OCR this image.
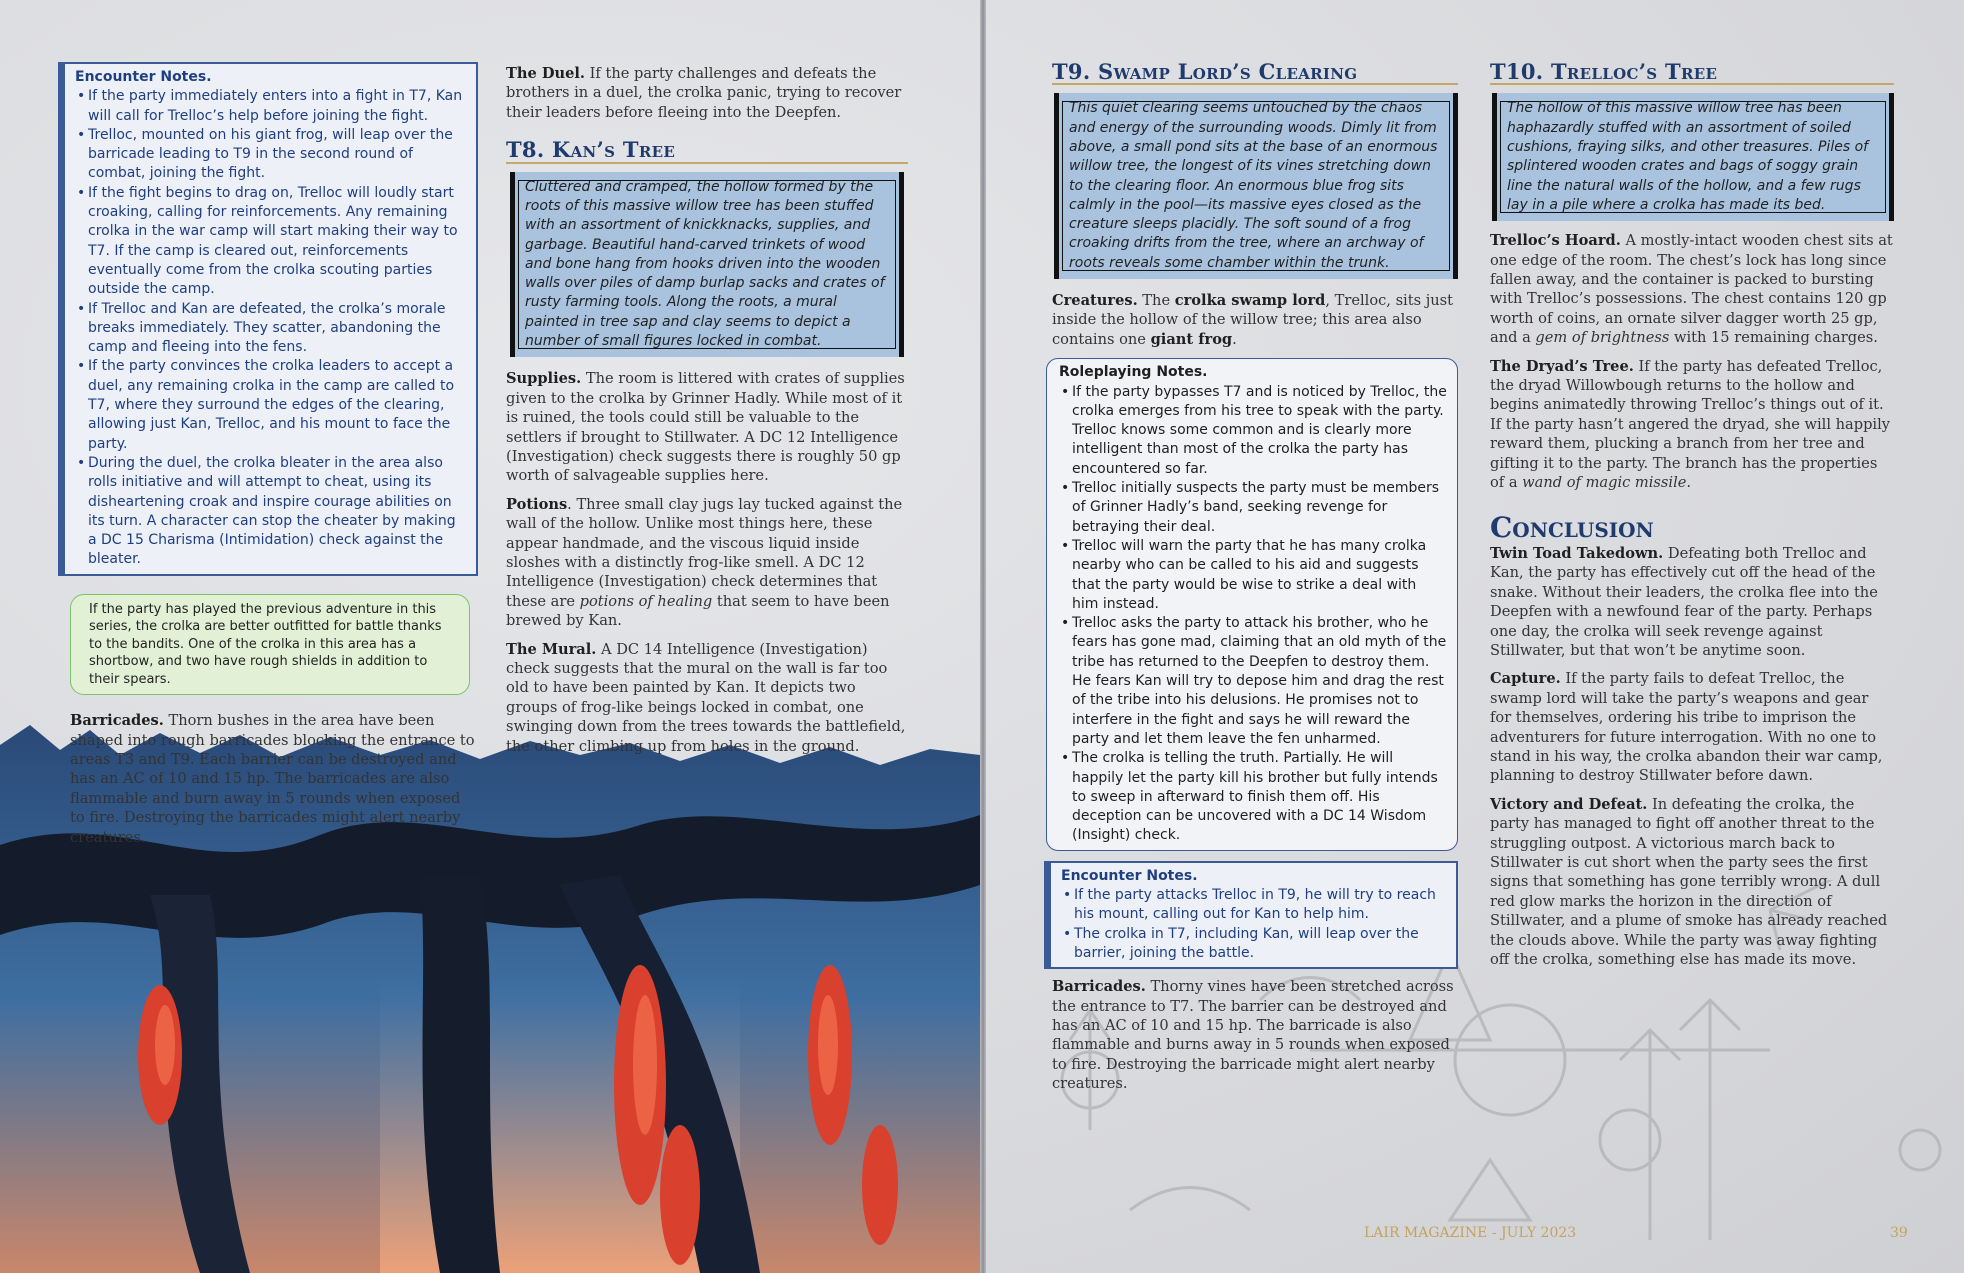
Encounter Notes.
• If the party immediately enters into a fight in T7, Kan will call for Trelloc’s help before joining the fight.
• Trelloc, mounted on his giant frog, will leap over the barricade leading to T9 in the second round of combat, joining the fight.
• If the fight begins to drag on, Trelloc will loudly start croaking, calling for reinforcements. Any remaining crolka in the war camp will start making their way to T7. If the camp is cleared out, reinforcements eventually come from the crolka scouting parties outside the camp.
• If Trelloc and Kan are defeated, the crolka’s morale breaks immediately. They scatter, abandoning the camp and fleeing into the fens.
• If the party convinces the crolka leaders to accept a duel, any remaining crolka in the camp are called to T7, where they surround the edges of the clearing, allowing just Kan, Trelloc, and his mount to face the party.
• During the duel, the crolka bleater in the area also rolls initiative and will attempt to cheat, using its disheartening croak and inspire courage abilities on its turn. A character can stop the cheater by making a DC 15 Charisma (Intimidation) check against the bleater.
If the party has played the previous adventure in this series, the crolka are better outfitted for battle thanks to the bandits. One of the crolka in this area has a shortbow, and two have rough shields in addition to their spears.

Barricades. Thorn bushes in the area have been shaped into rough barricades blocking the entrance to areas T3 and T9. Each barrier can be destroyed and has an AC of 10 and 15 hp. The barricades are also flammable and burn away in 5 rounds when exposed to fire. Destroying the barricades might alert nearby creatures.

The Duel. If the party challenges and defeats the brothers in a duel, the crolka panic, trying to recover their leaders before fleeing into the Deepfen.

T8. Kan’s Tree
Cluttered and cramped, the hollow formed by the roots of this massive willow tree has been stuffed with an assortment of knickknacks, supplies, and garbage. Beautiful hand-carved trinkets of wood and bone hang from hooks driven into the wooden walls over piles of damp burlap sacks and crates of rusty farming tools. Along the roots, a mural painted in tree sap and clay seems to depict a number of small figures locked in combat.

Supplies. The room is littered with crates of supplies given to the crolka by Grinner Hadly. While most of it is ruined, the tools could still be valuable to the settlers if brought to Stillwater. A DC 12 Intelligence (Investigation) check suggests there is roughly 50 gp worth of salvageable supplies here.

Potions. Three small clay jugs lay tucked against the wall of the hollow. Unlike most things here, these appear handmade, and the viscous liquid inside sloshes with a distinctly frog-like smell. A DC 12 Intelligence (Investigation) check determines that these are potions of healing that seem to have been brewed by Kan.

The Mural. A DC 14 Intelligence (Investigation) check suggests that the mural on the wall is far too old to have been painted by Kan. It depicts two groups of frog-like beings locked in combat, one swinging down from the trees towards the battlefield, the other climbing up from holes in the ground.

T9. Swamp Lord’s Clearing
This quiet clearing seems untouched by the chaos and energy of the surrounding woods. Dimly lit from above, a small pond sits at the base of an enormous willow tree, the longest of its vines stretching down to the clearing floor. An enormous blue frog sits calmly in the pool—its massive eyes closed as the creature sleeps placidly. The soft sound of a frog croaking drifts from the tree, where an archway of roots reveals some chamber within the trunk.

Creatures. The crolka swamp lord, Trelloc, sits just inside the hollow of the willow tree; this area also contains one giant frog.

Roleplaying Notes.
• If the party bypasses T7 and is noticed by Trelloc, the crolka emerges from his tree to speak with the party. Trelloc knows some common and is clearly more intelligent than most of the crolka the party has encountered so far.
• Trelloc initially suspects the party must be members of Grinner Hadly’s band, seeking revenge for betraying their deal.
• Trelloc will warn the party that he has many crolka nearby who can be called to his aid and suggests that the party would be wise to strike a deal with him instead.
• Trelloc asks the party to attack his brother, who he fears has gone mad, claiming that an old myth of the tribe has returned to the Deepfen to destroy them. He fears Kan will try to depose him and drag the rest of the tribe into his delusions. He promises not to interfere in the fight and says he will reward the party and let them leave the fen unharmed.
• The crolka is telling the truth. Partially. He will happily let the party kill his brother but fully intends to sweep in afterward to finish them off. His deception can be uncovered with a DC 14 Wisdom (Insight) check.
Encounter Notes.
• If the party attacks Trelloc in T9, he will try to reach his mount, calling out for Kan to help him.
• The crolka in T7, including Kan, will leap over the barrier, joining the battle.

Barricades. Thorny vines have been stretched across the entrance to T7. The barrier can be destroyed and has an AC of 10 and 15 hp. The barricade is also flammable and burns away in 5 rounds when exposed to fire. Destroying the barricade might alert nearby creatures.

T10. Trelloc’s Tree
The hollow of this massive willow tree has been haphazardly stuffed with an assortment of soiled cushions, fraying silks, and other treasures. Piles of splintered wooden crates and bags of soggy grain line the natural walls of the hollow, and a few rugs lay in a pile where a crolka has made its bed.

Trelloc’s Hoard. A mostly-intact wooden chest sits at one edge of the room. The chest’s lock has long since fallen away, and the container is packed to bursting with Trelloc’s possessions. The chest contains 120 gp worth of coins, an ornate silver dagger worth 25 gp, and a gem of brightness with 15 remaining charges.

The Dryad’s Tree. If the party has defeated Trelloc, the dryad Willowbough returns to the hollow and begins animatedly throwing Trelloc’s things out of it. If the party hasn’t angered the dryad, she will happily reward them, plucking a branch from her tree and gifting it to the party. The branch has the properties of a wand of magic missile.

Conclusion

Twin Toad Takedown. Defeating both Trelloc and Kan, the party has effectively cut off the head of the snake. Without their leaders, the crolka flee into the Deepfen with a newfound fear of the party. Perhaps one day, the crolka will seek revenge against Stillwater, but that won’t be anytime soon.

Capture. If the party fails to defeat Trelloc, the swamp lord will take the party’s weapons and gear for themselves, ordering his tribe to imprison the adventurers for future interrogation. With no one to stand in his way, the crolka abandon their war camp, planning to destroy Stillwater before dawn.

Victory and Defeat. In defeating the crolka, the party has managed to fight off another threat to the struggling outpost. A victorious march back to Stillwater is cut short when the party sees the first signs that something has gone terribly wrong. A dull red glow marks the horizon in the direction of Stillwater, and a plume of smoke has already reached the clouds above. While the party was away fighting off the crolka, something else has made its move.

LAIR MAGAZINE - JULY 2023	39
